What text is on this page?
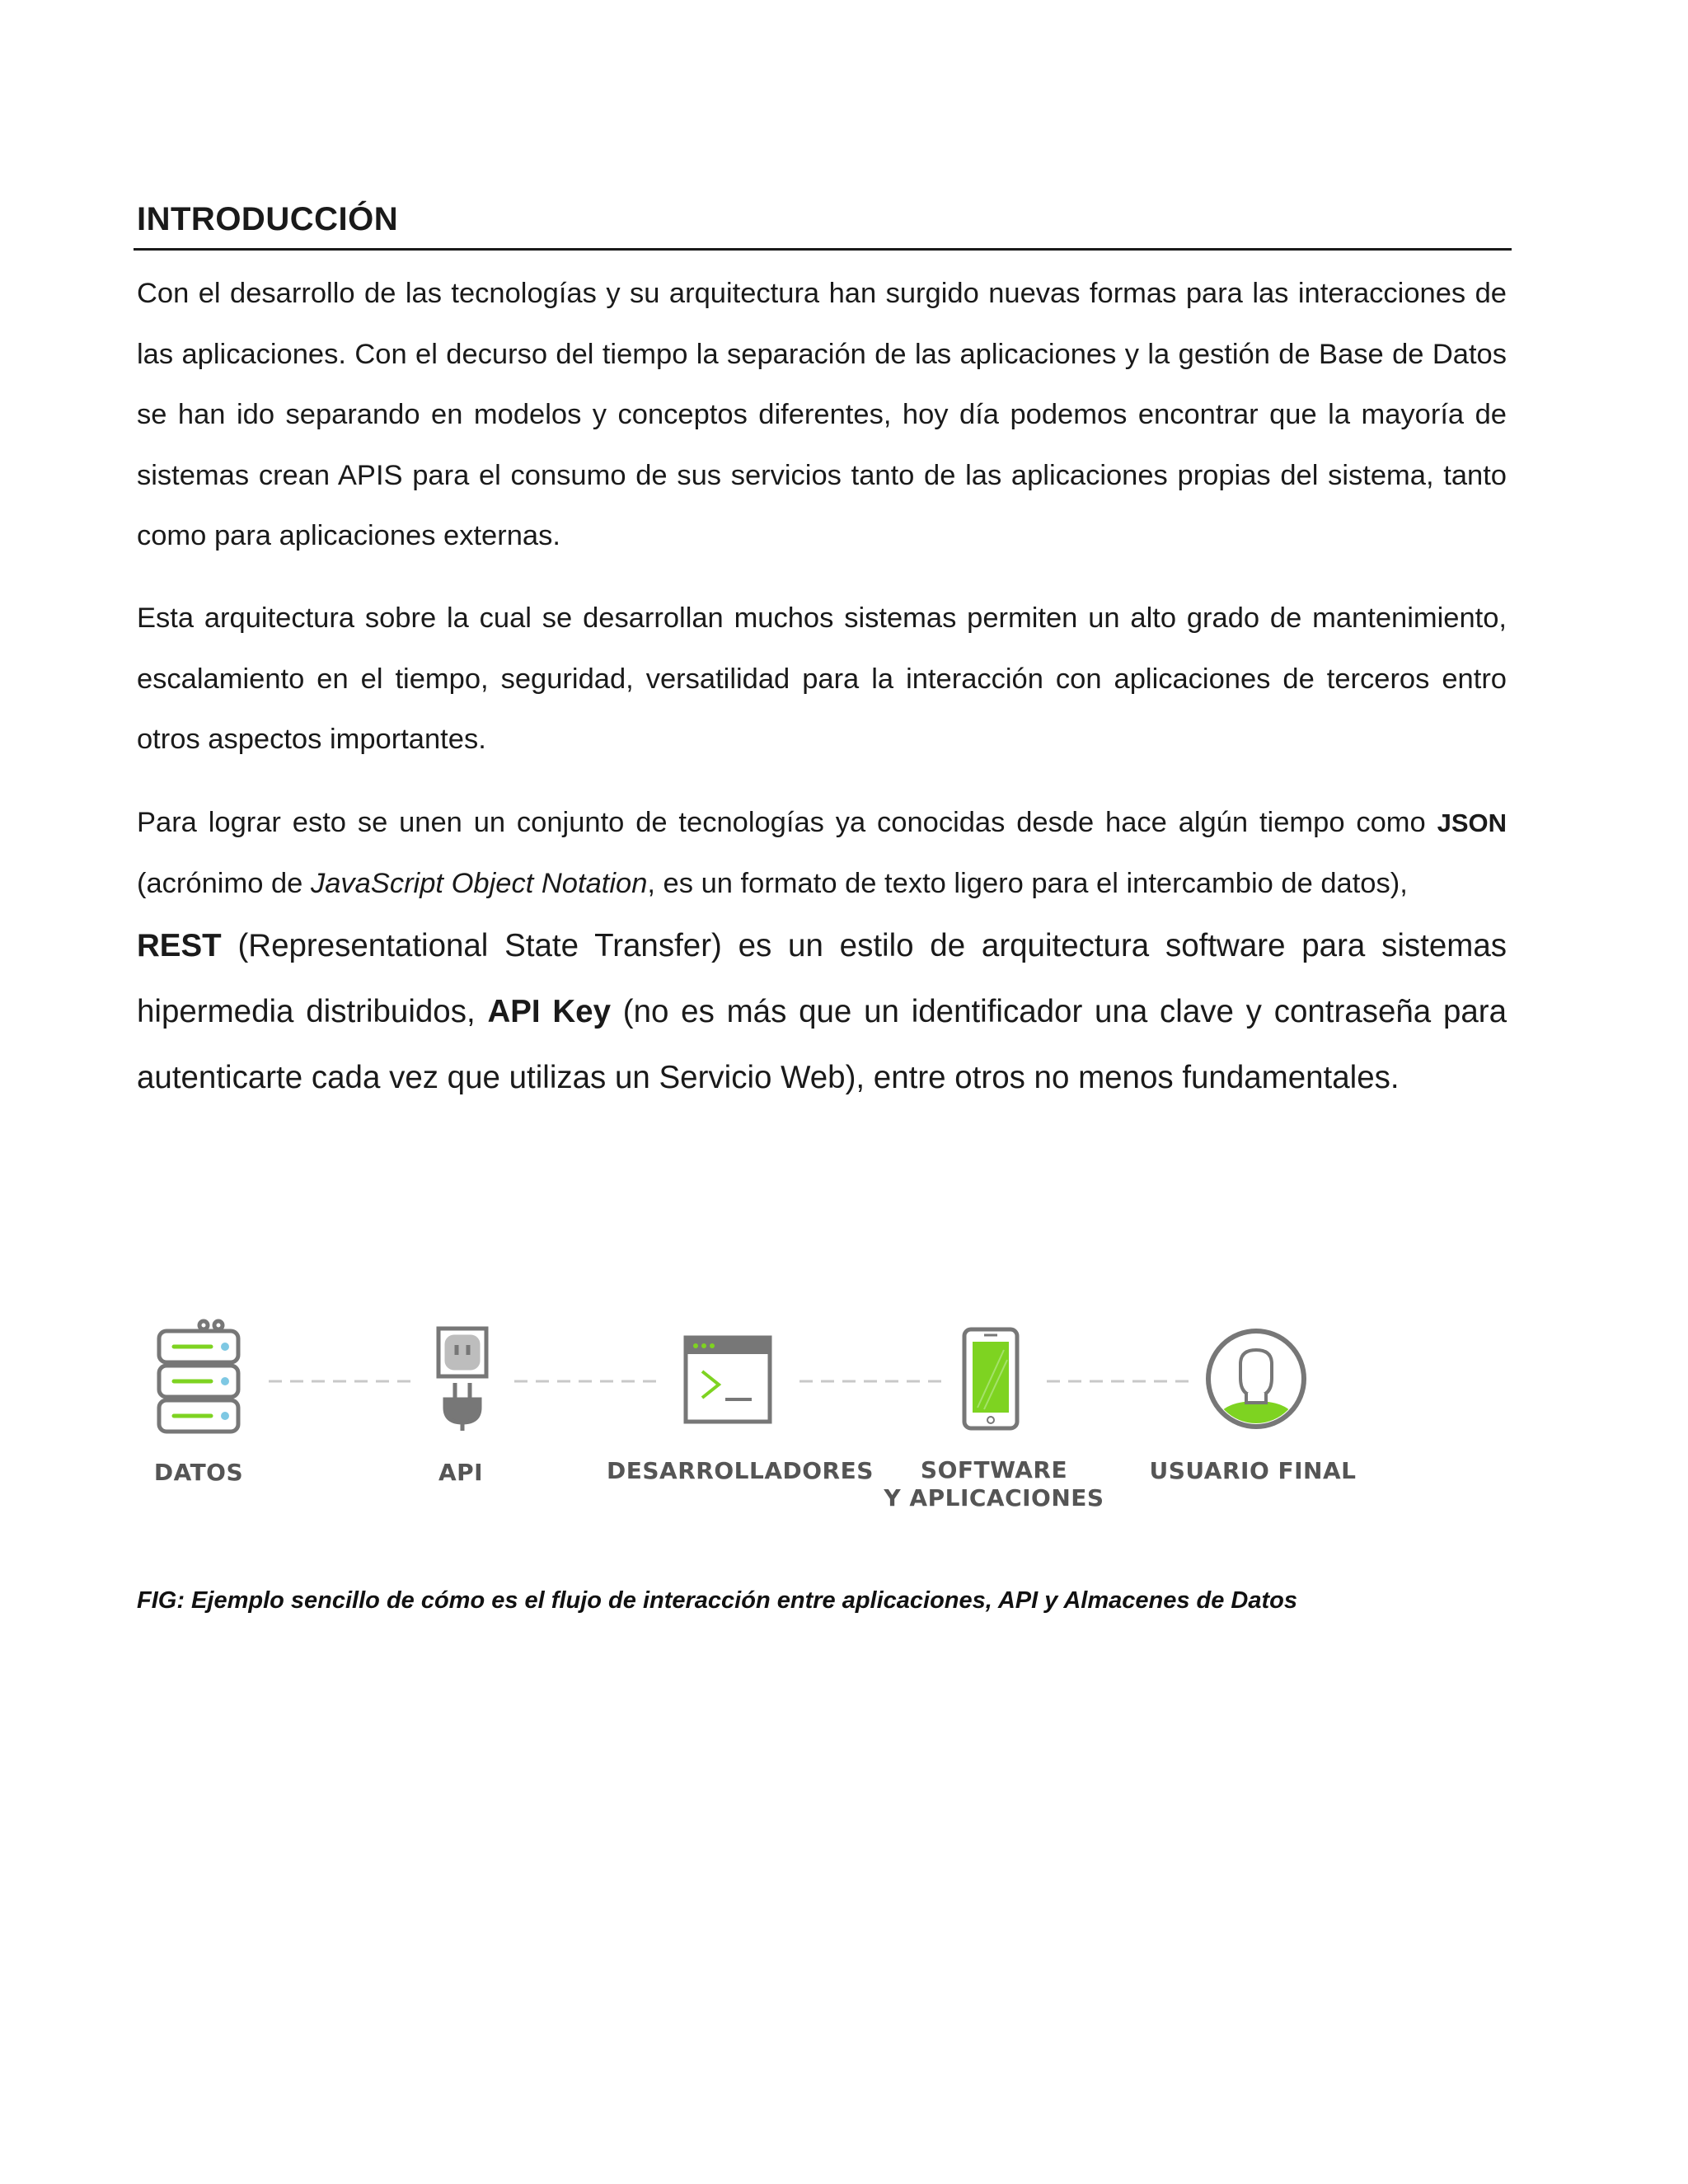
INTRODUCCIÓN

Con el desarrollo de las tecnologías y su arquitectura han surgido nuevas formas para las interacciones de las aplicaciones. Con el decurso del tiempo la separación de las aplicaciones y la gestión de Base de Datos se han ido separando en modelos y conceptos diferentes, hoy día podemos encontrar que la mayoría de sistemas crean APIS para el consumo de sus servicios tanto de las aplicaciones propias del sistema, tanto como para aplicaciones externas.

Esta arquitectura sobre la cual se desarrollan muchos sistemas permiten un alto grado de mantenimiento, escalamiento en el tiempo, seguridad, versatilidad para la interacción con aplicaciones de terceros entro otros aspectos importantes.

Para lograr esto se unen un conjunto de tecnologías ya conocidas desde hace algún tiempo como JSON (acrónimo de JavaScript Object Notation, es un formato de texto ligero para el intercambio de datos),

REST (Representational State Transfer) es un estilo de arquitectura software para sistemas hipermedia distribuidos, API Key (no es más que un identificador una clave y contraseña para autenticarte cada vez que utilizas un Servicio Web), entre otros no menos fundamentales.

DATOS	API	DESARROLLADORES	SOFTWARE
Y APLICACIONES
USUARIO FINAL
FIG: Ejemplo sencillo de cómo es el flujo de interacción entre aplicaciones, API y Almacenes de Datos
